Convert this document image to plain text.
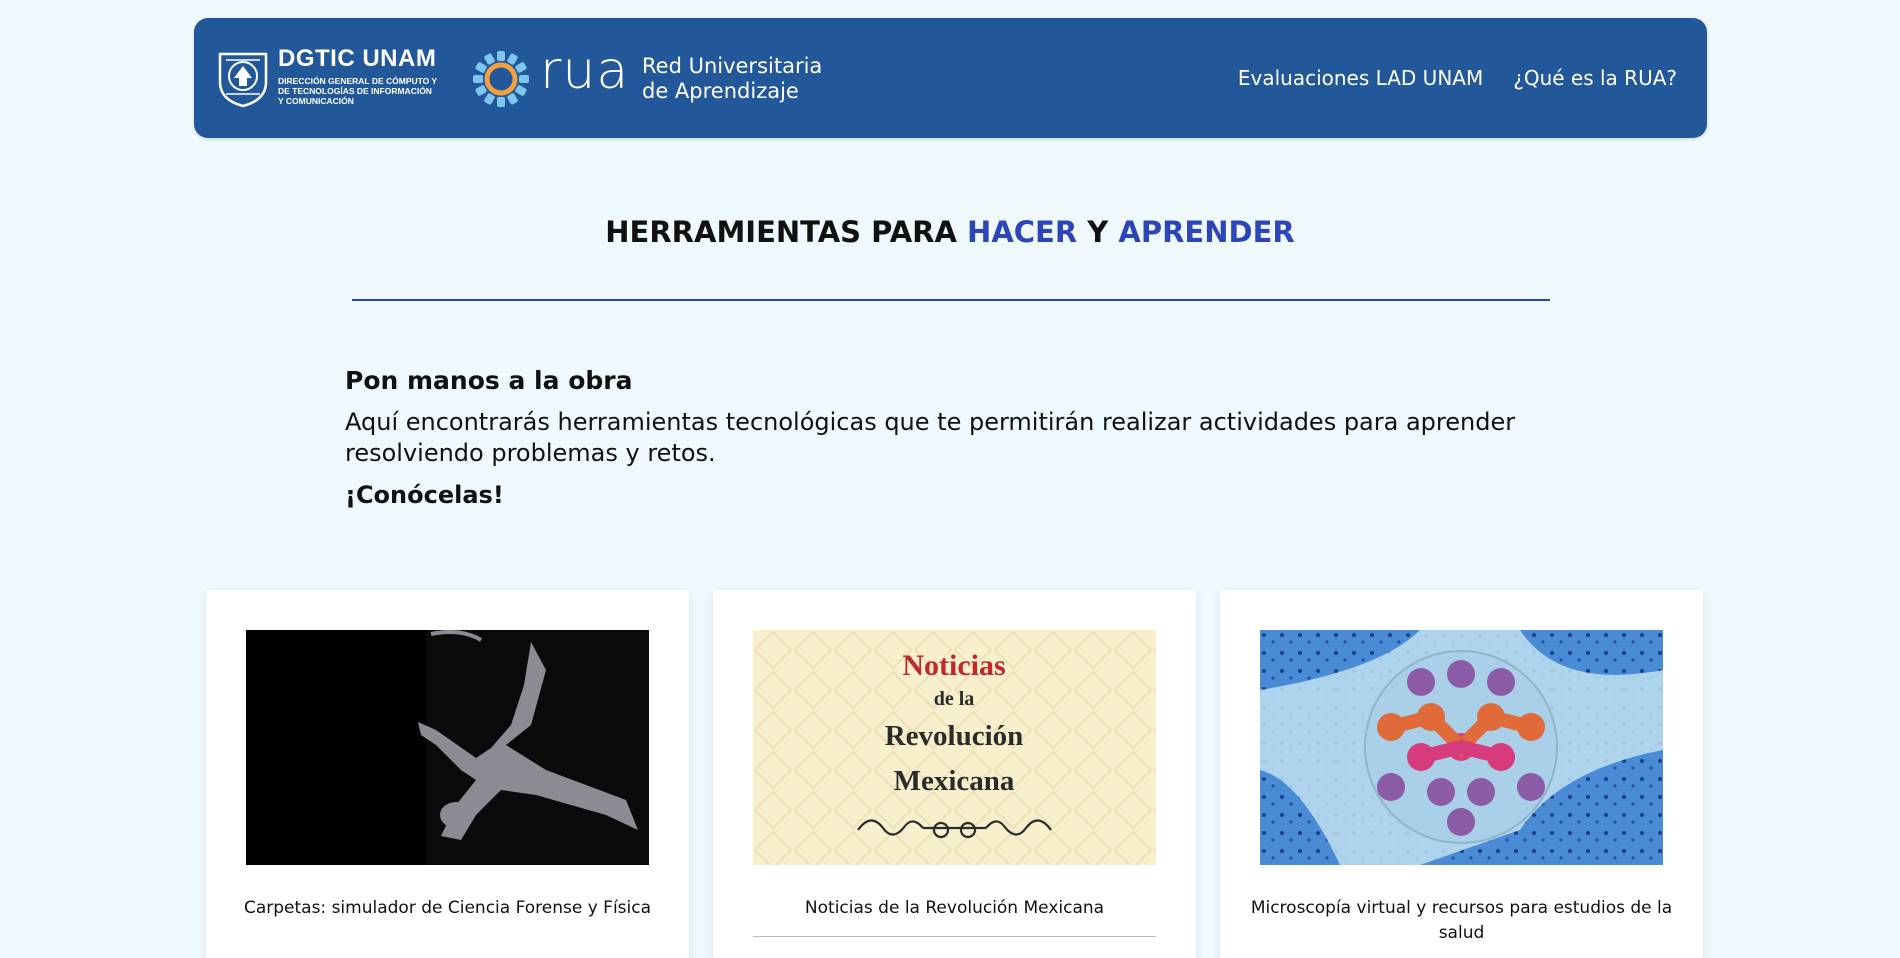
DGTIC UNAM
DIRECCIÓN GENERAL DE CÓMPUTO Y DE TECNOLOGÍAS DE INFORMACIÓN Y COMUNICACIÓN	rua Red Universitaria
de Aprendizaje
Evaluaciones LAD UNAM ¿Qué es la RUA?
HERRAMIENTAS PARA HACER Y APRENDER
Pon manos a la obra
Aquí encontrarás herramientas tecnológicas que te permitirán realizar actividades para aprender resolviendo problemas y retos.
¡Conócelas!
Carpetas: simulador de Ciencia Forense y Física
Noticias
de la
Revolución
Mexicana
Noticias de la Revolución Mexicana	Microscopía virtual y recursos para estudios de la salud
